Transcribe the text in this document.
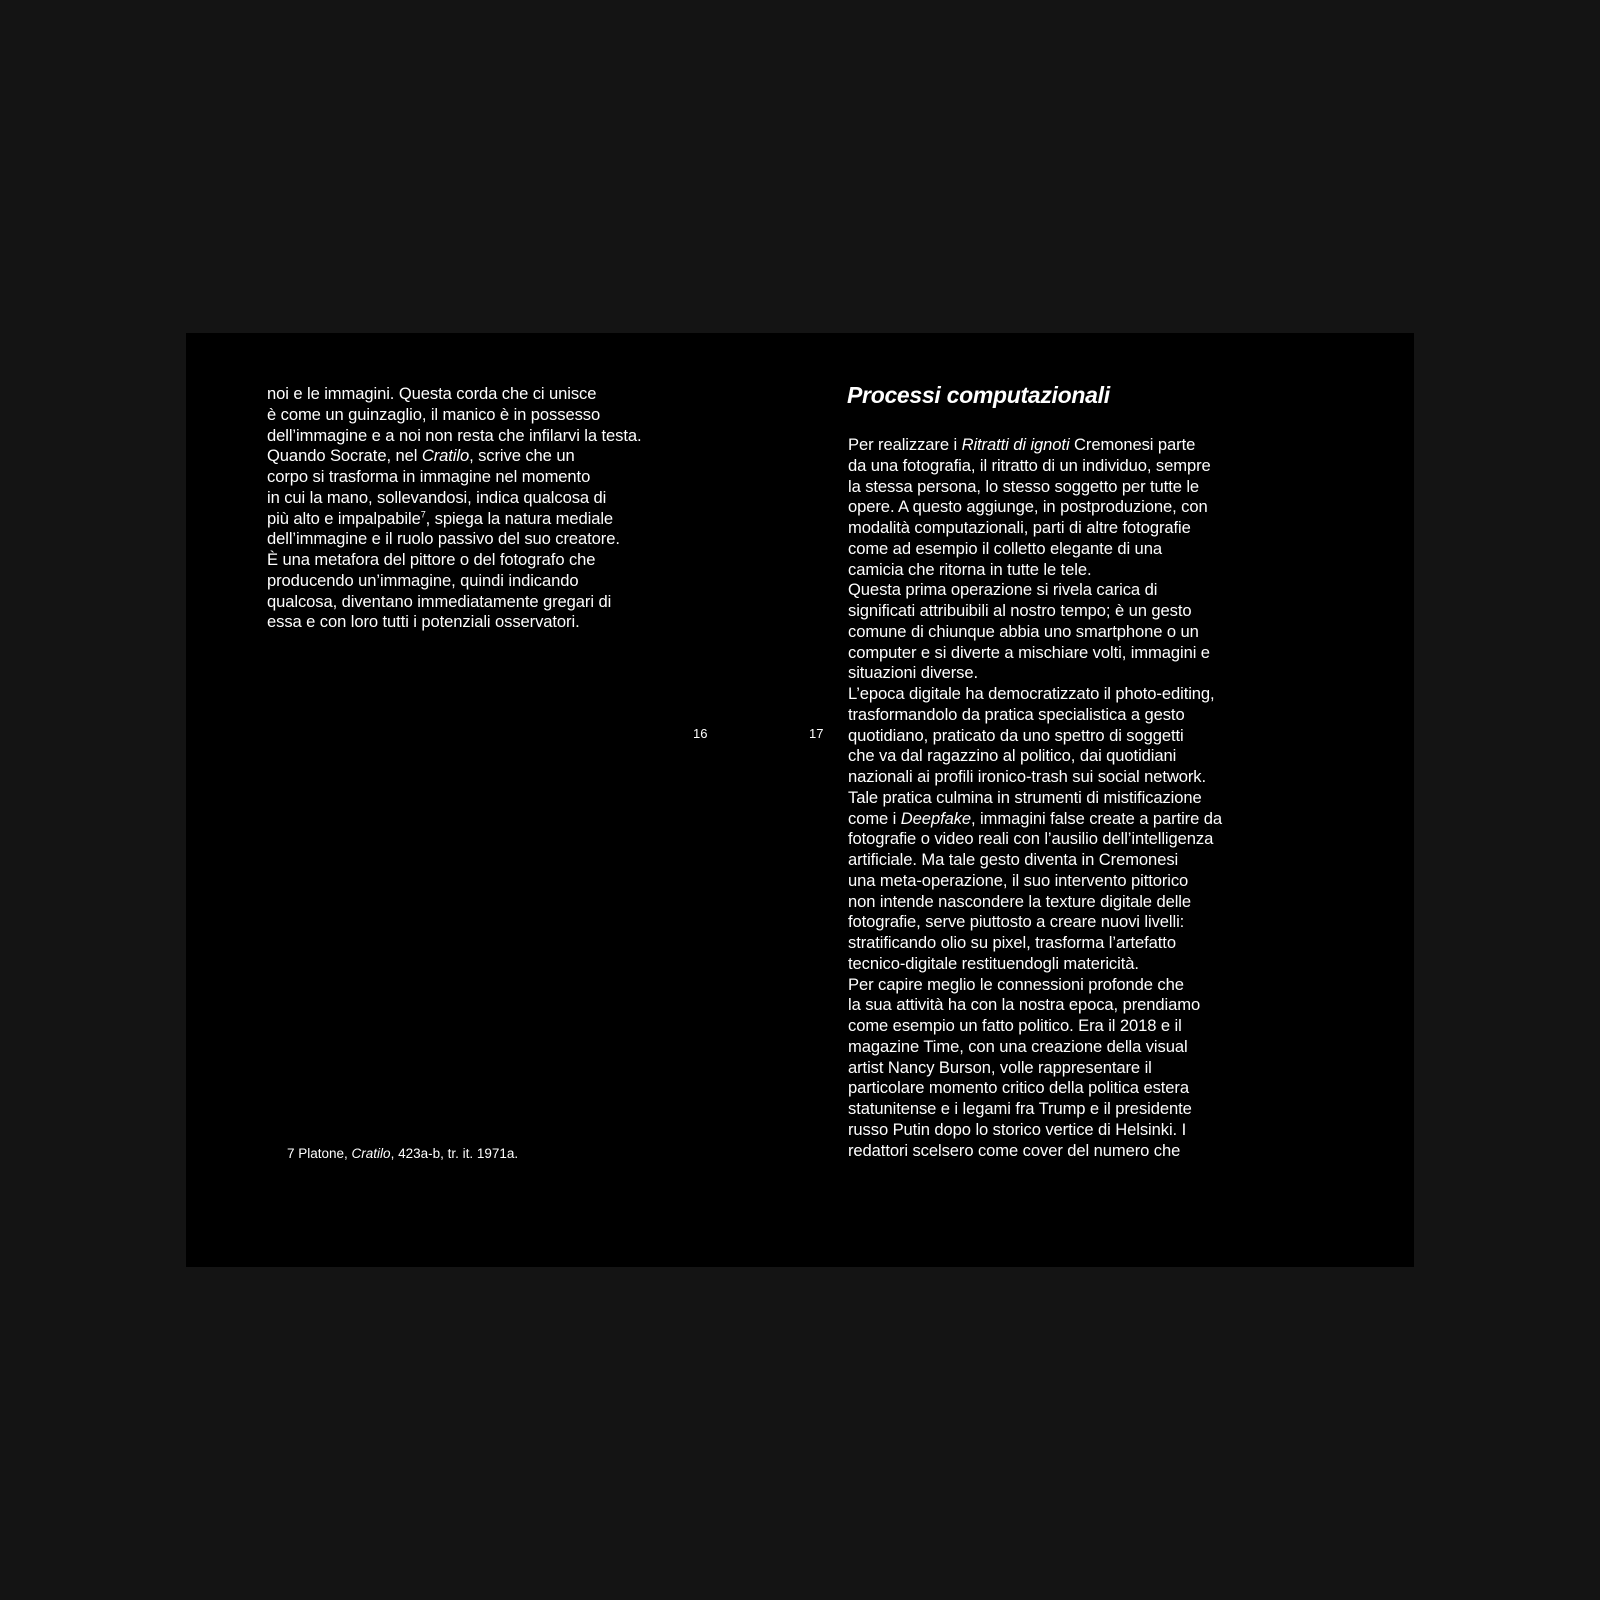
noi e le immagini. Questa corda che ci unisce
è come un guinzaglio, il manico è in possesso
dell’immagine e a noi non resta che infilarvi la testa.
Quando Socrate, nel Cratilo, scrive che un
corpo si trasforma in immagine nel momento
in cui la mano, sollevandosi, indica qualcosa di
più alto e impalpabile$^7$, spiega la natura mediale
dell’immagine e il ruolo passivo del suo creatore.
È una metafora del pittore o del fotografo che
producendo un’immagine, quindi indicando
qualcosa, diventano immediatamente gregari di
essa e con loro tutti i potenziali osservatori.
16
7 Platone, Cratilo, 423a-b, tr. it. 1971a.
17
Processi computazionali
Per realizzare i Ritratti di ignoti Cremonesi parte
da una fotografia, il ritratto di un individuo, sempre
la stessa persona, lo stesso soggetto per tutte le
opere. A questo aggiunge, in postproduzione, con
modalità computazionali, parti di altre fotografie
come ad esempio il colletto elegante di una
camicia che ritorna in tutte le tele.
Questa prima operazione si rivela carica di
significati attribuibili al nostro tempo; è un gesto
comune di chiunque abbia uno smartphone o un
computer e si diverte a mischiare volti, immagini e
situazioni diverse.
L’epoca digitale ha democratizzato il photo-editing,
trasformandolo da pratica specialistica a gesto
quotidiano, praticato da uno spettro di soggetti
che va dal ragazzino al politico, dai quotidiani
nazionali ai profili ironico-trash sui social network.
Tale pratica culmina in strumenti di mistificazione
come i Deepfake, immagini false create a partire da
fotografie o video reali con l’ausilio dell’intelligenza
artificiale. Ma tale gesto diventa in Cremonesi
una meta-operazione, il suo intervento pittorico
non intende nascondere la texture digitale delle
fotografie, serve piuttosto a creare nuovi livelli:
stratificando olio su pixel, trasforma l’artefatto
tecnico-digitale restituendogli matericità.
Per capire meglio le connessioni profonde che
la sua attività ha con la nostra epoca, prendiamo
come esempio un fatto politico. Era il 2018 e il
magazine Time, con una creazione della visual
artist Nancy Burson, volle rappresentare il
particolare momento critico della politica estera
statunitense e i legami fra Trump e il presidente
russo Putin dopo lo storico vertice di Helsinki. I
redattori scelsero come cover del numero che
